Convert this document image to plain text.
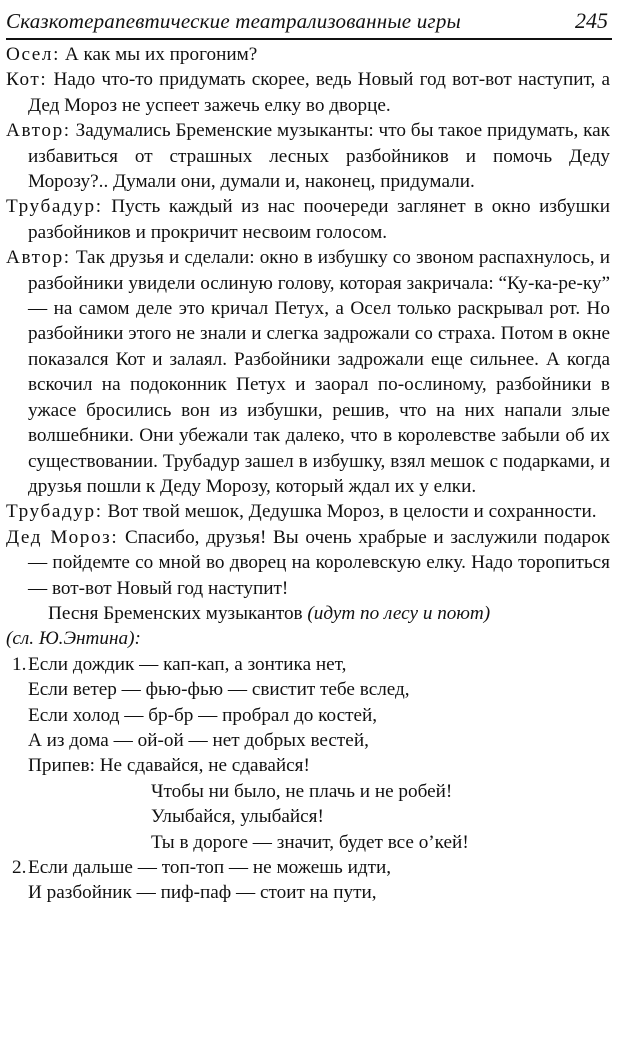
Сказкотерапевтические театрализованные игры	245
Осел: А как мы их прогоним?
Кот: Надо что-то придумать скорее, ведь Новый год вот-вот наступит, а Дед Мороз не успеет зажечь елку во дворце.
Автор: Задумались Бременские музыканты: что бы такое придумать, как избавиться от страшных лесных разбойников и помочь Деду Морозу?.. Думали они, думали и, наконец, придумали.
Трубадур: Пусть каждый из нас поочереди заглянет в окно избушки разбойников и прокричит несвоим голосом.
Автор: Так друзья и сделали: окно в избушку со звоном распахнулось, и разбойники увидели ослиную голову, которая закричала: “Ку-ка-ре-ку” — на самом деле это кричал Петух, а Осел только раскрывал рот. Но разбойники этого не знали и слегка задрожали со страха. Потом в окне показался Кот и залаял. Разбойники задрожали еще сильнее. А когда вскочил на подоконник Петух и заорал по-ослиному, разбойники в ужасе бросились вон из избушки, решив, что на них напали злые волшебники. Они убежали так далеко, что в королевстве забыли об их существовании. Трубадур зашел в избушку, взял мешок с подарками, и друзья пошли к Деду Морозу, который ждал их у елки.
Трубадур: Вот твой мешок, Дедушка Мороз, в целости и сохранности.
Дед Мороз: Спасибо, друзья! Вы очень храбрые и заслужили подарок — пойдемте со мной во дворец на королевскую елку. Надо торопиться — вот-вот Новый год наступит!
Песня Бременских музыкантов (идут по лесу и поют)
(сл. Ю.Энтина):
1. Если дождик — кап-кап, а зонтика нет,
Если ветер — фью-фью — свистит тебе вслед,
Если холод — бр-бр — пробрал до костей,
А из дома — ой-ой — нет добрых вестей,
Припев: Не сдавайся, не сдавайся!
Чтобы ни было, не плачь и не робей!
Улыбайся, улыбайся!
Ты в дороге — значит, будет все о’кей!
2. Если дальше — топ-топ — не можешь идти,
И разбойник — пиф-паф — стоит на пути,
